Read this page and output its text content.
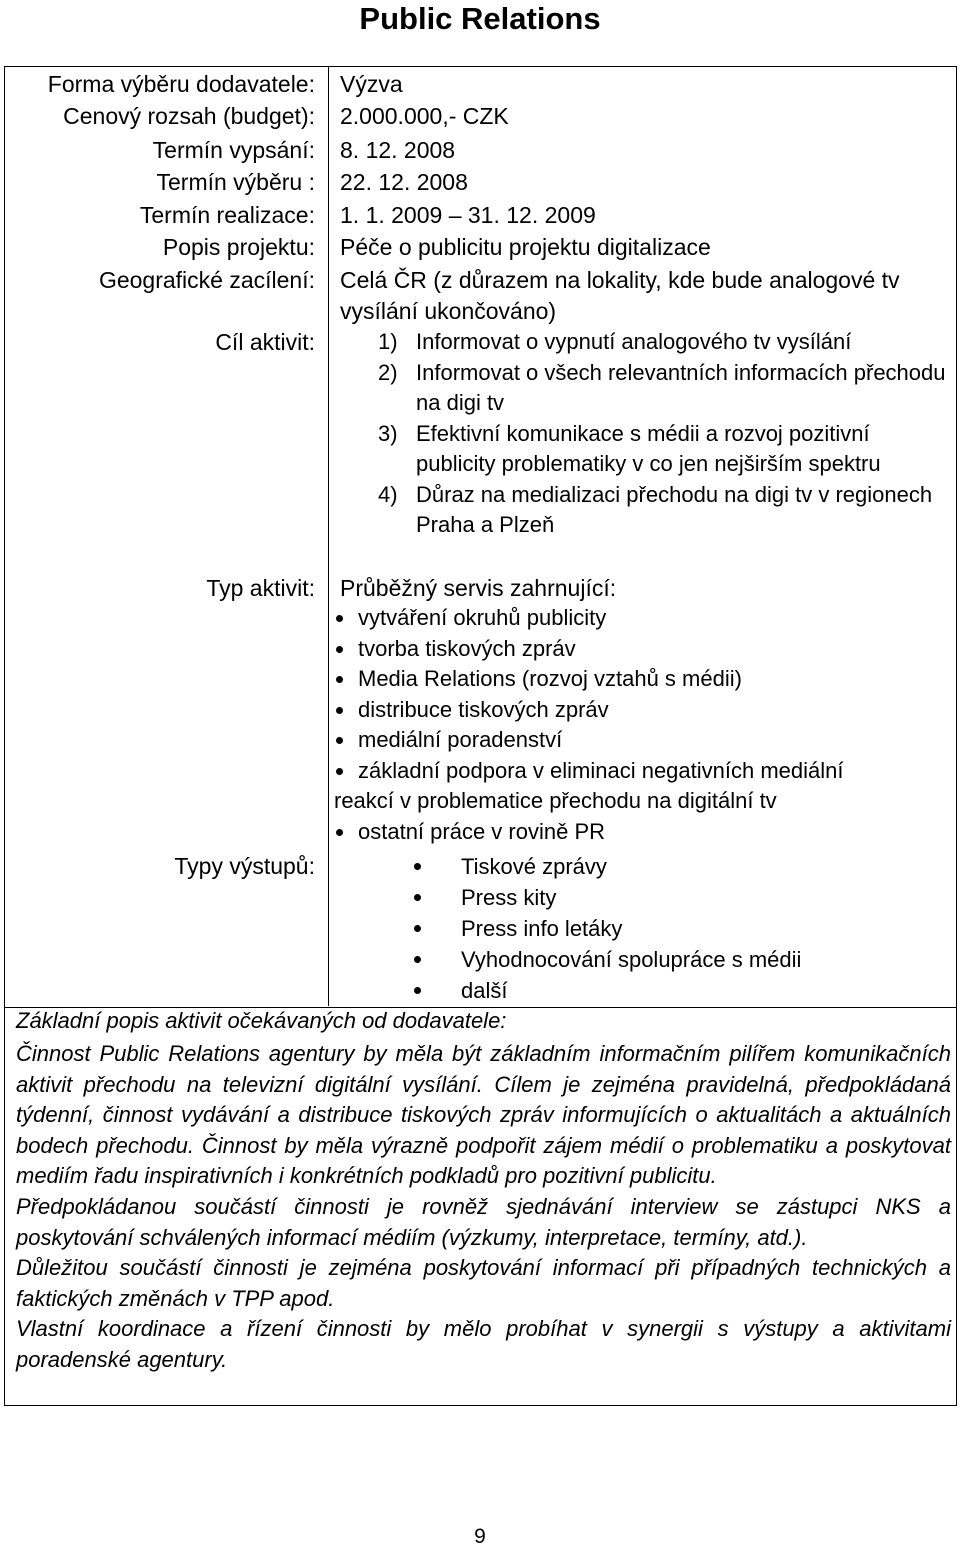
Public Relations
Forma výběru dodavatele: Výzva
Cenový rozsah (budget): 2.000.000,- CZK
Termín vypsání: 8. 12. 2008
Termín výběru : 22. 12. 2008
Termín realizace: 1. 1. 2009 – 31. 12. 2009
Popis projektu: Péče o publicitu projektu digitalizace
Geografické zacílení: Celá ČR (z důrazem na lokality, kde bude analogové tv vysílání ukončováno)
Cíl aktivit:	1) Informovat o vypnutí analogového tv vysílání
2) Informovat o všech relevantních informacích přechodu na digi tv
3) Efektivní komunikace s médii a rozvoj pozitivní publicity problematiky v co jen nejširším spektru
4) Důraz na medializaci přechodu na digi tv v regionech Praha a Plzeň
Typ aktivit: Průběžný servis zahrnující:
vytváření okruhů publicity
tvorba tiskových zpráv
Media Relations (rozvoj vztahů s médii)
distribuce tiskových zpráv
mediální poradenství
základní podpora v eliminaci negativních mediální
reakcí v problematice přechodu na digitální tv
ostatní práce v rovině PR
Typy výstupů:	Tiskové zprávy
Press kity
Press info letáky
Vyhodnocování spolupráce s médii
další
Základní popis aktivit očekávaných od dodavatele:

Činnost Public Relations agentury by měla být základním informačním pilířem komunikačních aktivit přechodu na televizní digitální vysílání. Cílem je zejména pravidelná, předpokládaná týdenní, činnost vydávání a distribuce tiskových zpráv informujících o aktualitách a aktuálních bodech přechodu. Činnost by měla výrazně podpořit zájem médií o problematiku a poskytovat mediím řadu inspirativních i konkrétních podkladů pro pozitivní publicitu.

Předpokládanou součástí činnosti je rovněž sjednávání interview se zástupci NKS a poskytování schválených informací médiím (výzkumy, interpretace, termíny, atd.).

Důležitou součástí činnosti je zejména poskytování informací při případných technických a faktických změnách v TPP apod.

Vlastní koordinace a řízení činnosti by mělo probíhat v synergii s výstupy a aktivitami poradenské agentury.

9
